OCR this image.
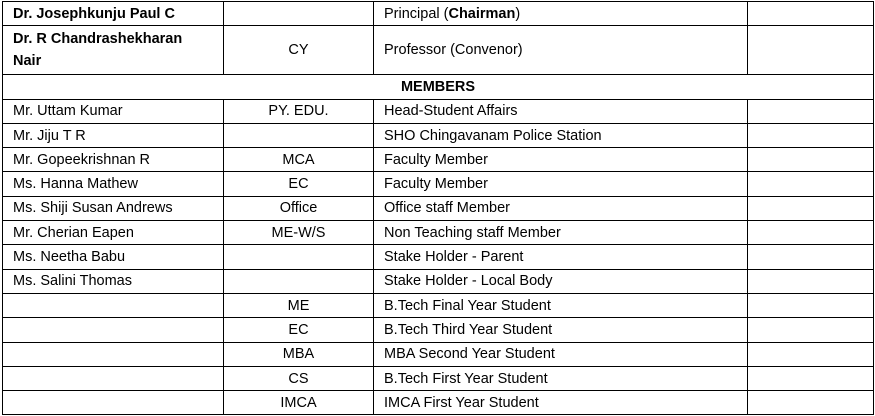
Dr. Josephkunju Paul C		Principal (Chairman)	
Dr. R Chandrashekharan Nair	CY	Professor (Convenor)	
MEMBERS			
Mr. Uttam Kumar	PY. EDU.	Head-Student Affairs	
Mr. Jiju T R		SHO Chingavanam Police Station	
Mr. Gopeekrishnan R	MCA	Faculty Member	
Ms. Hanna Mathew	EC	Faculty Member	
Ms. Shiji Susan Andrews	Office	Office staff Member	
Mr. Cherian Eapen	ME-W/S	Non Teaching staff Member	
Ms. Neetha Babu		Stake Holder - Parent	
Ms. Salini Thomas		Stake Holder - Local Body	
	ME	B.Tech Final Year Student	
	EC	B.Tech Third Year Student	
	MBA	MBA Second Year Student	
	CS	B.Tech First Year Student	
	IMCA	IMCA First Year Student	
